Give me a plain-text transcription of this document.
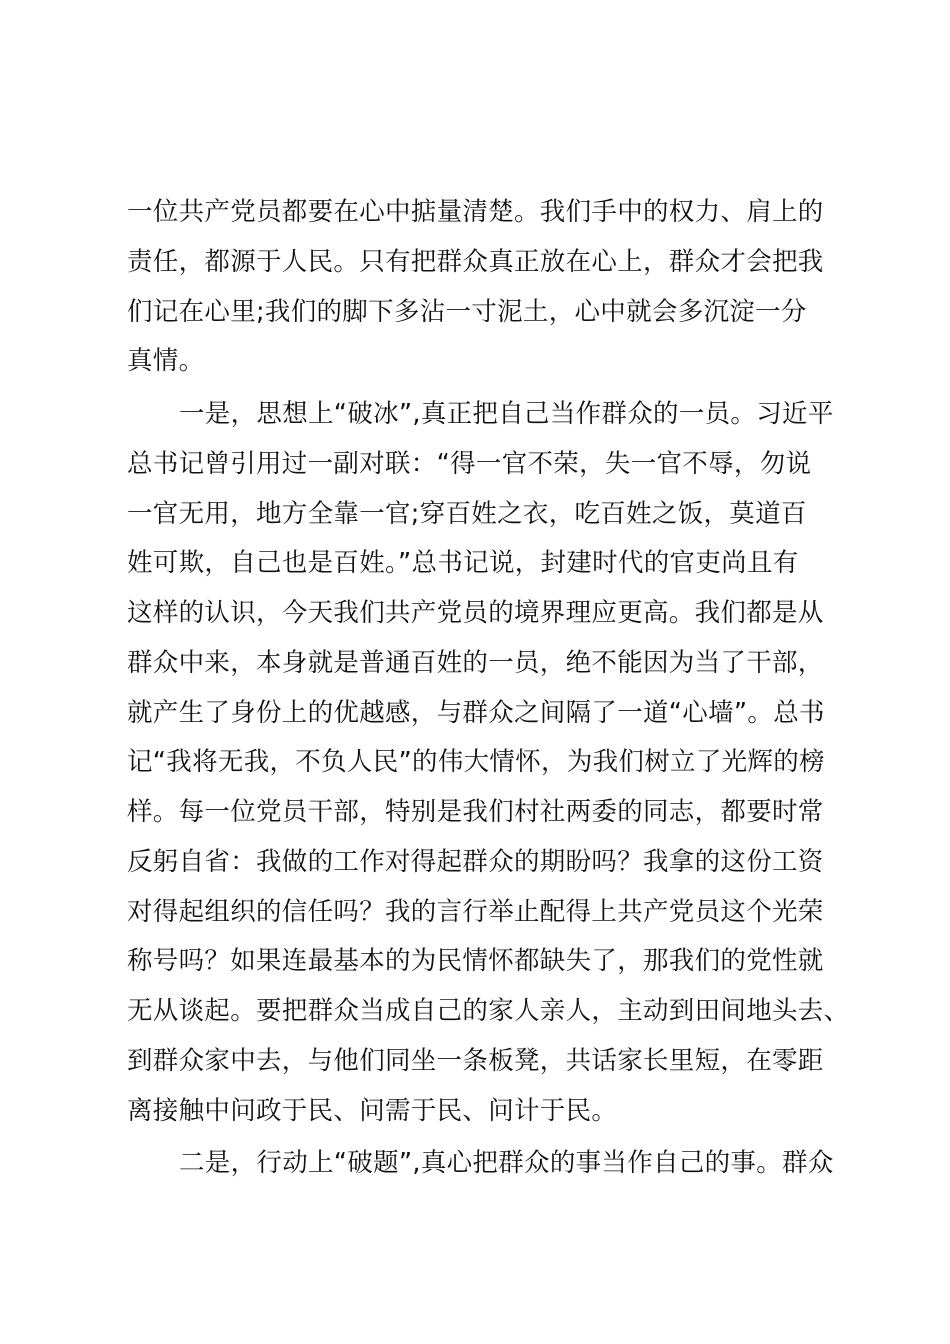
一位共产党员都要在心中掂量清楚。我们手中的权力、肩上的
责任，都源于人民。只有把群众真正放在心上，群众才会把我
们记在心里;我们的脚下多沾一寸泥土，心中就会多沉淀一分
真情。
一是，思想上“破冰”,真正把自己当作群众的一员。习近平
总书记曾引用过一副对联：“得一官不荣，失一官不辱，勿说
一官无用，地方全靠一官;穿百姓之衣，吃百姓之饭，莫道百
姓可欺，自己也是百姓。”总书记说，封建时代的官吏尚且有
这样的认识，今天我们共产党员的境界理应更高。我们都是从
群众中来，本身就是普通百姓的一员，绝不能因为当了干部，
就产生了身份上的优越感，与群众之间隔了一道“心墙”。总书
记“我将无我，不负人民”的伟大情怀，为我们树立了光辉的榜
样。每一位党员干部，特别是我们村社两委的同志，都要时常
反躬自省：我做的工作对得起群众的期盼吗？我拿的这份工资
对得起组织的信任吗？我的言行举止配得上共产党员这个光荣
称号吗？如果连最基本的为民情怀都缺失了，那我们的党性就
无从谈起。要把群众当成自己的家人亲人，主动到田间地头去、
到群众家中去，与他们同坐一条板凳，共话家长里短，在零距
离接触中问政于民、问需于民、问计于民。
二是，行动上“破题”,真心把群众的事当作自己的事。群众
